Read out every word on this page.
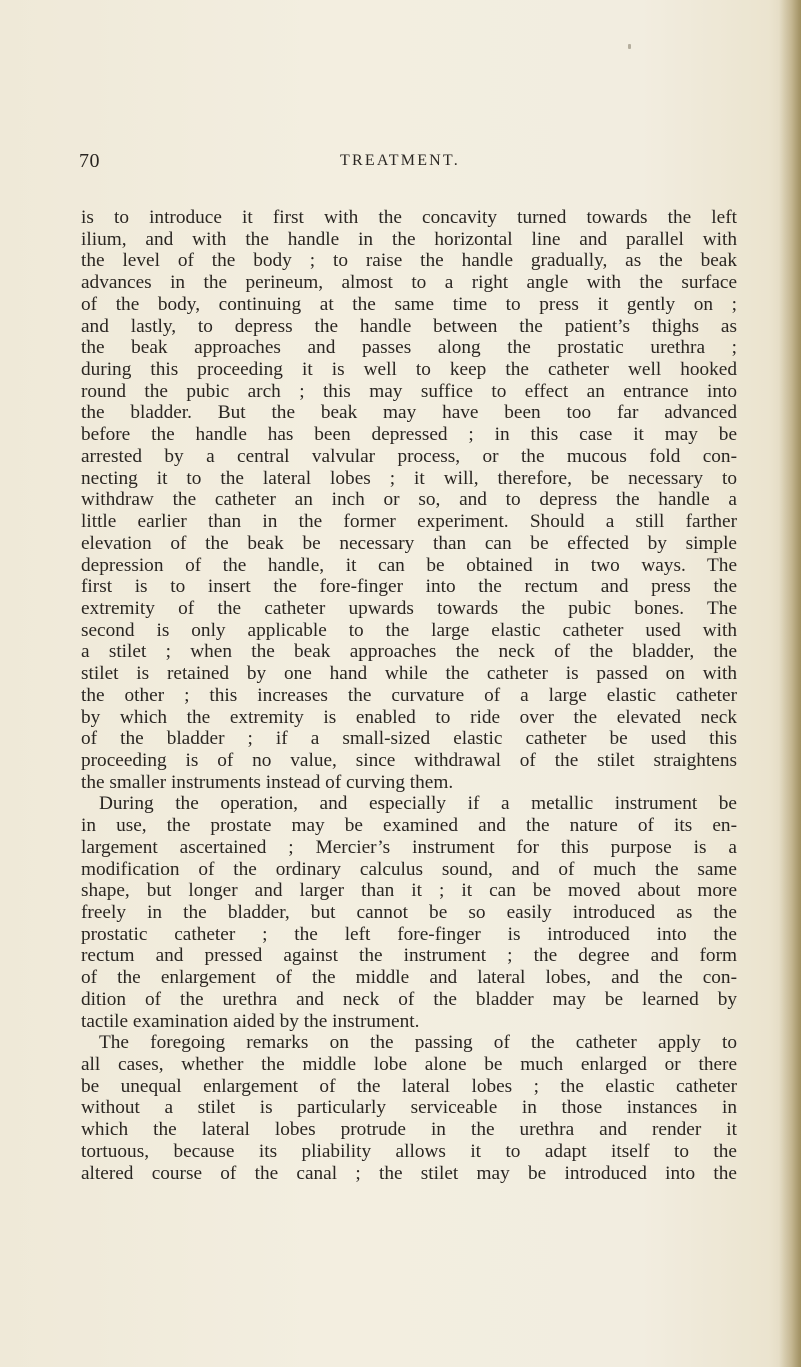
70	TREATMENT.
is to introduce it first with the concavity turned towards the left
ilium, and with the handle in the horizontal line and parallel with
the level of the body ; to raise the handle gradually, as the beak
advances in the perineum, almost to a right angle with the surface
of the body, continuing at the same time to press it gently on ;
and lastly, to depress the handle between the patient’s thighs as
the beak approaches and passes along the prostatic urethra ;
during this proceeding it is well to keep the catheter well hooked
round the pubic arch ; this may suffice to effect an entrance into
the bladder. But the beak may have been too far advanced
before the handle has been depressed ; in this case it may be
arrested by a central valvular process, or the mucous fold con-
necting it to the lateral lobes ; it will, therefore, be necessary to
withdraw the catheter an inch or so, and to depress the handle a
little earlier than in the former experiment. Should a still farther
elevation of the beak be necessary than can be effected by simple
depression of the handle, it can be obtained in two ways. The
first is to insert the fore-finger into the rectum and press the
extremity of the catheter upwards towards the pubic bones. The
second is only applicable to the large elastic catheter used with
a stilet ; when the beak approaches the neck of the bladder, the
stilet is retained by one hand while the catheter is passed on with
the other ; this increases the curvature of a large elastic catheter
by which the extremity is enabled to ride over the elevated neck
of the bladder ; if a small-sized elastic catheter be used this
proceeding is of no value, since withdrawal of the stilet straightens
the smaller instruments instead of curving them.
During the operation, and especially if a metallic instrument be
in use, the prostate may be examined and the nature of its en-
largement ascertained ; Mercier’s instrument for this purpose is a
modification of the ordinary calculus sound, and of much the same
shape, but longer and larger than it ; it can be moved about more
freely in the bladder, but cannot be so easily introduced as the
prostatic catheter ; the left fore-finger is introduced into the
rectum and pressed against the instrument ; the degree and form
of the enlargement of the middle and lateral lobes, and the con-
dition of the urethra and neck of the bladder may be learned by
tactile examination aided by the instrument.
The foregoing remarks on the passing of the catheter apply to
all cases, whether the middle lobe alone be much enlarged or there
be unequal enlargement of the lateral lobes ; the elastic catheter
without a stilet is particularly serviceable in those instances in
which the lateral lobes protrude in the urethra and render it
tortuous, because its pliability allows it to adapt itself to the
altered course of the canal ; the stilet may be introduced into the
